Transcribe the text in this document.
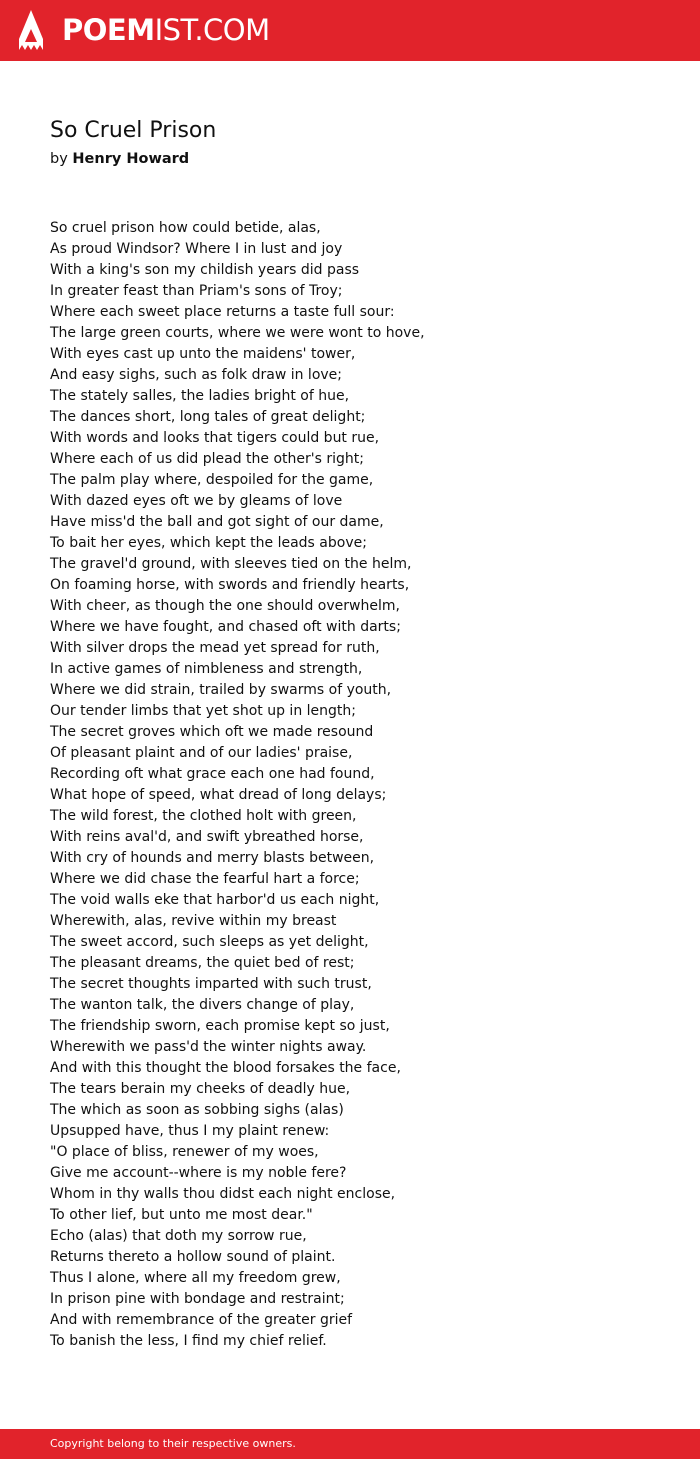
POEMIST.COM
So Cruel Prison
by Henry Howard
So cruel prison how could betide, alas,
As proud Windsor? Where I in lust and joy
With a king's son my childish years did pass
In greater feast than Priam's sons of Troy;
Where each sweet place returns a taste full sour:
The large green courts, where we were wont to hove,
With eyes cast up unto the maidens' tower,
And easy sighs, such as folk draw in love;
The stately salles, the ladies bright of hue,
The dances short, long tales of great delight;
With words and looks that tigers could but rue,
Where each of us did plead the other's right;
The palm play where, despoiled for the game,
With dazed eyes oft we by gleams of love
Have miss'd the ball and got sight of our dame,
To bait her eyes, which kept the leads above;
The gravel'd ground, with sleeves tied on the helm,
On foaming horse, with swords and friendly hearts,
With cheer, as though the one should overwhelm,
Where we have fought, and chased oft with darts;
With silver drops the mead yet spread for ruth,
In active games of nimbleness and strength,
Where we did strain, trailed by swarms of youth,
Our tender limbs that yet shot up in length;
The secret groves which oft we made resound
Of pleasant plaint and of our ladies' praise,
Recording oft what grace each one had found,
What hope of speed, what dread of long delays;
The wild forest, the clothed holt with green,
With reins aval'd, and swift ybreathed horse,
With cry of hounds and merry blasts between,
Where we did chase the fearful hart a force;
The void walls eke that harbor'd us each night,
Wherewith, alas, revive within my breast
The sweet accord, such sleeps as yet delight,
The pleasant dreams, the quiet bed of rest;
The secret thoughts imparted with such trust,
The wanton talk, the divers change of play,
The friendship sworn, each promise kept so just,
Wherewith we pass'd the winter nights away.
And with this thought the blood forsakes the face,
The tears berain my cheeks of deadly hue,
The which as soon as sobbing sighs (alas)
Upsupped have, thus I my plaint renew:
"O place of bliss, renewer of my woes,
Give me account--where is my noble fere?
Whom in thy walls thou didst each night enclose,
To other lief, but unto me most dear."
Echo (alas) that doth my sorrow rue,
Returns thereto a hollow sound of plaint.
Thus I alone, where all my freedom grew,
In prison pine with bondage and restraint;
And with remembrance of the greater grief
To banish the less, I find my chief relief.
Copyright belong to their respective owners.
